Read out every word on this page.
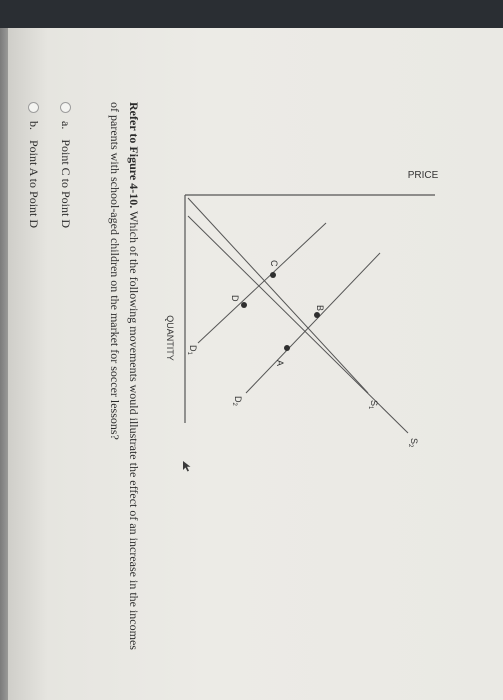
PRICE
QUANTITY
C
D
A
B
$S_1$
$S_2$
$D_1$
$D_2$
Refer to Figure 4-10. Which of the following movements would illustrate the effect of an increase in the incomes of parents with school-aged children on the market for soccer lessons?
a.
Point C to Point D
b.
Point A to Point D
